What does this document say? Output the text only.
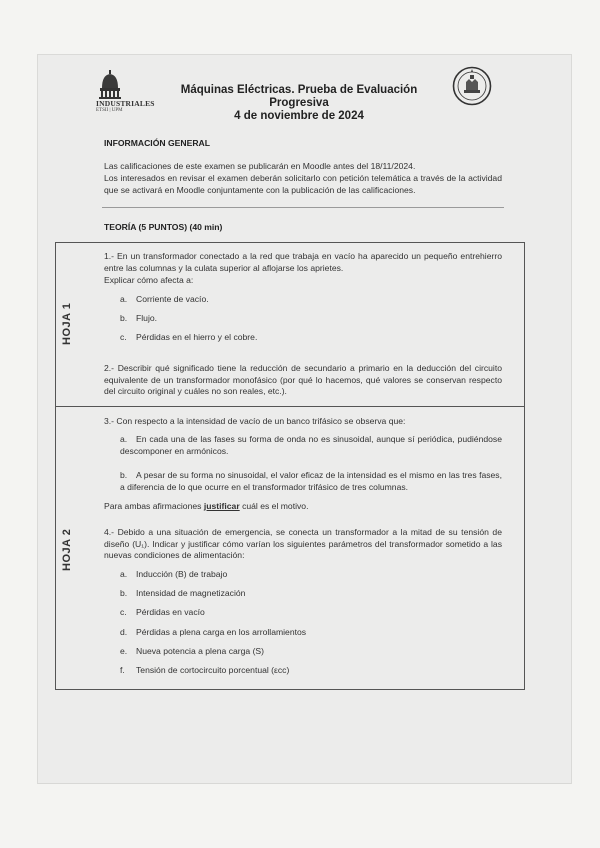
INDUSTRIALES
ETSII | UPM
Máquinas Eléctricas. Prueba de Evaluación Progresiva
4 de noviembre de 2024
INFORMACIÓN GENERAL
Las calificaciones de este examen se publicarán en Moodle antes del 18/11/2024.
Los interesados en revisar el examen deberán solicitarlo con petición telemática a través de la actividad que se activará en Moodle conjuntamente con la publicación de las calificaciones.
TEORÍA (5 PUNTOS) (40 min)
HOJA 1
1.- En un transformador conectado a la red que trabaja en vacío ha aparecido un pequeño entrehierro entre las columnas y la culata superior al aflojarse los aprietes.
Explicar cómo afecta a:
a. Corriente de vacío.
b. Flujo.
c. Pérdidas en el hierro y el cobre.
2.- Describir qué significado tiene la reducción de secundario a primario en la deducción del circuito equivalente de un transformador monofásico (por qué lo hacemos, qué valores se conservan respecto del circuito original y cuáles no son reales, etc.).
HOJA 2
3.- Con respecto a la intensidad de vacío de un banco trifásico se observa que:
a. En cada una de las fases su forma de onda no es sinusoidal, aunque sí periódica, pudiéndose descomponer en armónicos.
b. A pesar de su forma no sinusoidal, el valor eficaz de la intensidad es el mismo en las tres fases, a diferencia de lo que ocurre en el transformador trifásico de tres columnas.
Para ambas afirmaciones justificar cuál es el motivo.
4.- Debido a una situación de emergencia, se conecta un transformador a la mitad de su tensión de diseño (U₁). Indicar y justificar cómo varían los siguientes parámetros del transformador sometido a las nuevas condiciones de alimentación:
a. Inducción (B) de trabajo
b. Intensidad de magnetización
c. Pérdidas en vacío
d. Pérdidas a plena carga en los arrollamientos
e. Nueva potencia a plena carga (S)
f. Tensión de cortocircuito porcentual (εcc)
